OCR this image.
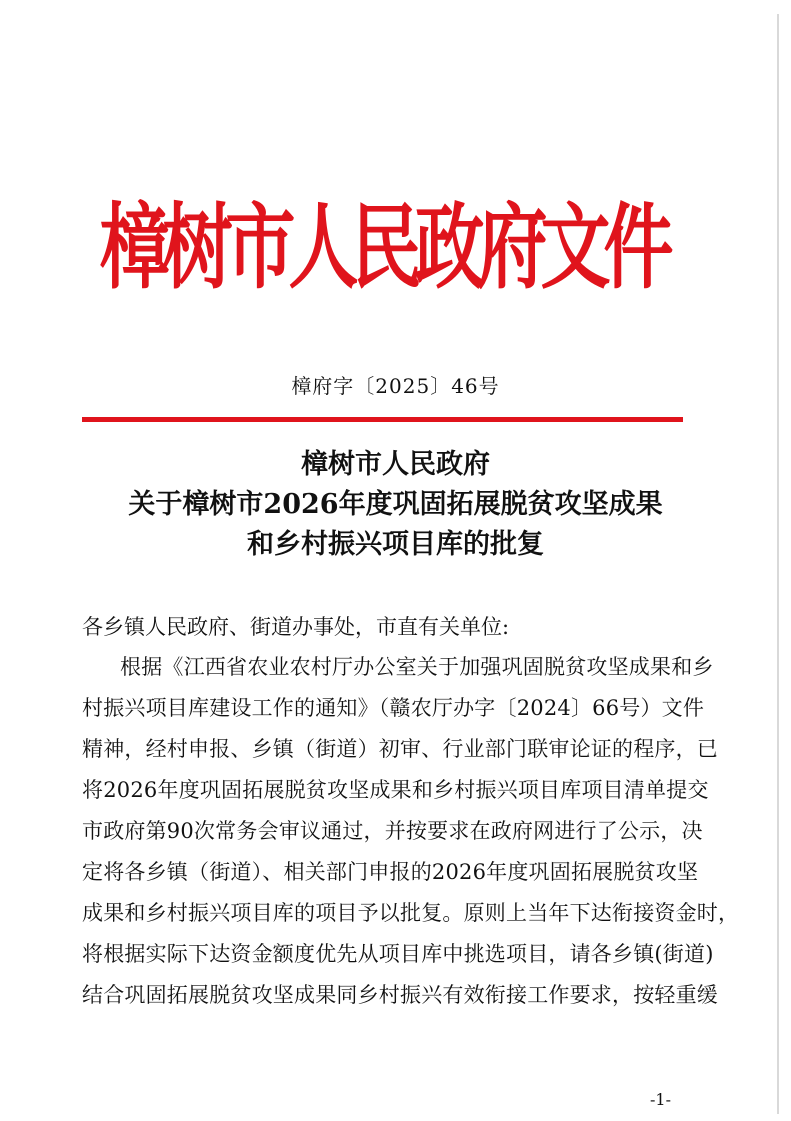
樟树市人民政府文件
樟府字〔2025〕46号
樟树市人民政府
关于樟树市2026年度巩固拓展脱贫攻坚成果
和乡村振兴项目库的批复
各乡镇人民政府、街道办事处，市直有关单位:
根据《江西省农业农村厅办公室关于加强巩固脱贫攻坚成果和乡
村振兴项目库建设工作的通知》（赣农厅办字〔2024〕66号）文件
精神，经村申报、乡镇（街道）初审、行业部门联审论证的程序，已
将2026年度巩固拓展脱贫攻坚成果和乡村振兴项目库项目清单提交
市政府第90次常务会审议通过，并按要求在政府网进行了公示，决
定将各乡镇（街道）、相关部门申报的2026年度巩固拓展脱贫攻坚
成果和乡村振兴项目库的项目予以批复。原则上当年下达衔接资金时，
将根据实际下达资金额度优先从项目库中挑选项目，请各乡镇(街道)
结合巩固拓展脱贫攻坚成果同乡村振兴有效衔接工作要求，按轻重缓
-1-
